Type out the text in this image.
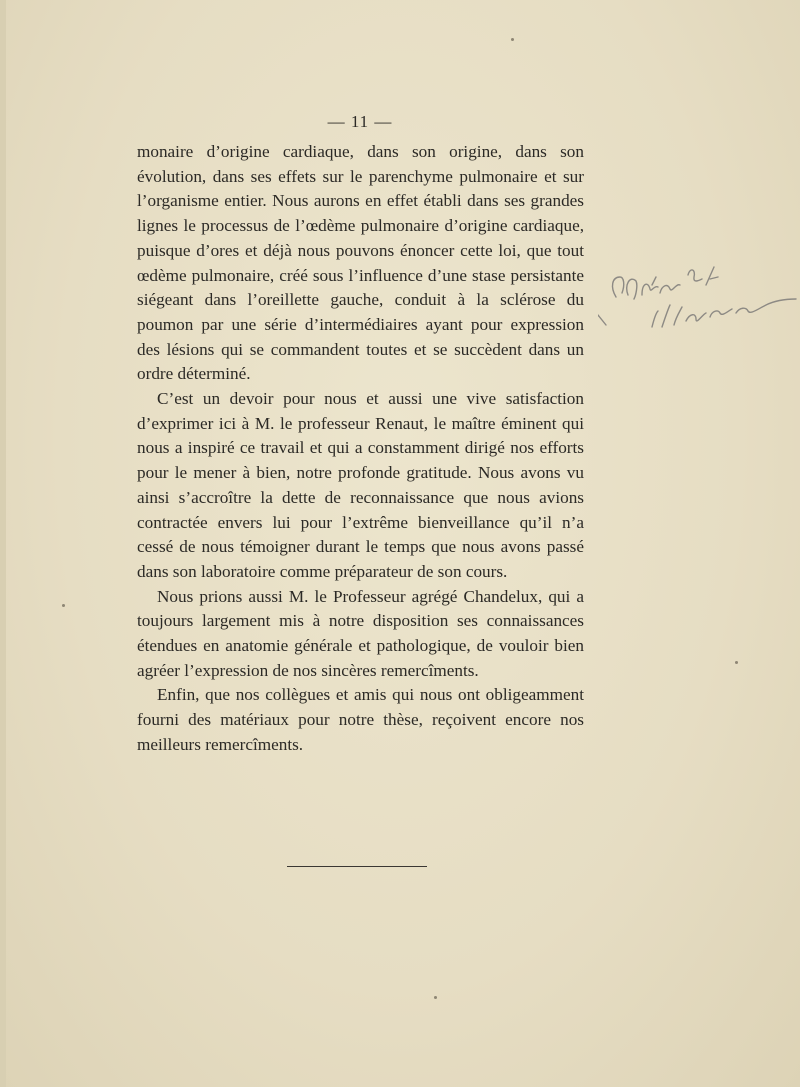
— 11 —

monaire d’origine cardiaque, dans son origine, dans son évolution, dans ses effets sur le parenchyme pulmonaire et sur l’organisme entier. Nous aurons en effet établi dans ses grandes lignes le processus de l’œdème pulmonaire d’origine cardiaque, puisque d’ores et déjà nous pouvons énoncer cette loi, que tout œdème pulmonaire, créé sous l’influence d’une stase persistante siégeant dans l’oreillette gauche, conduit à la sclérose du poumon par une série d’intermédiaires ayant pour expression des lésions qui se commandent toutes et se succèdent dans un ordre déterminé.

C’est un devoir pour nous et aussi une vive satisfaction d’exprimer ici à M. le professeur Renaut, le maître éminent qui nous a inspiré ce travail et qui a constamment dirigé nos efforts pour le mener à bien, notre profonde gratitude. Nous avons vu ainsi s’accroître la dette de reconnaissance que nous avions contractée envers lui pour l’extrême bienveillance qu’il n’a cessé de nous témoigner durant le temps que nous avons passé dans son laboratoire comme préparateur de son cours.

Nous prions aussi M. le Professeur agrégé Chandelux, qui a toujours largement mis à notre disposition ses connaissances étendues en anatomie générale et pathologique, de vouloir bien agréer l’expression de nos sincères remercîments.

Enfin, que nos collègues et amis qui nous ont obligeamment fourni des matériaux pour notre thèse, reçoivent encore nos meilleurs remercîments.
